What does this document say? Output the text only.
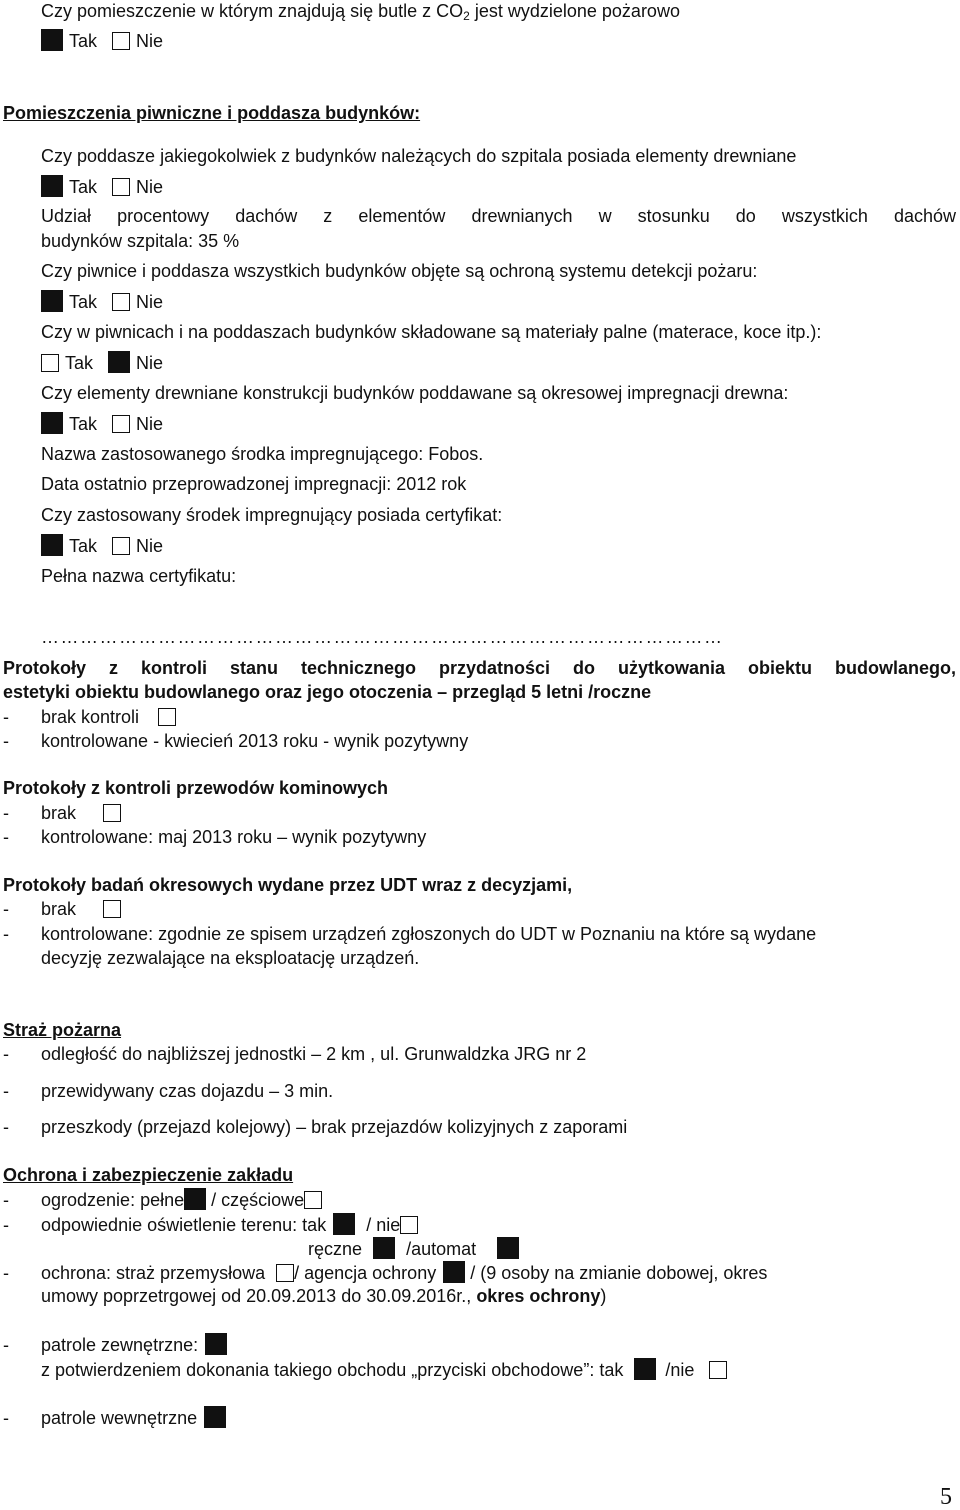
Czy pomieszczenie w którym znajdują się butle z $CO_2$ jest wydzielone pożarowo
Tak Nie
Pomieszczenia piwniczne i poddasza budynków:
Czy poddasze jakiegokolwiek z budynków należących do szpitala posiada elementy drewniane
Tak Nie
Udział procentowy dachów z elementów drewnianych w stosunku do wszystkich dachów
budynków szpitala: 35 %
Czy piwnice i poddasza wszystkich budynków objęte są ochroną systemu detekcji pożaru:
Tak Nie
Czy w piwnicach i na poddaszach budynków składowane są materiały palne (materace, koce itp.):
Tak Nie
Czy elementy drewniane konstrukcji budynków poddawane są okresowej impregnacji drewna:
Tak Nie
Nazwa zastosowanego środka impregnującego: Fobos.
Data ostatnio przeprowadzonej impregnacji: 2012 rok
Czy zastosowany środek impregnujący posiada certyfikat:
Tak Nie
Pełna nazwa certyfikatu:
……………………………………………………………………………………………
Protokoły z kontroli stanu technicznego przydatności do użytkowania obiektu budowlanego,
estetyki obiektu budowlanego oraz jego otoczenia – przegląd 5 letni /roczne
- brak kontroli
- kontrolowane - kwiecień 2013 roku - wynik pozytywny
Protokoły z kontroli przewodów kominowych
- brak
- kontrolowane: maj 2013 roku – wynik pozytywny
Protokoły badań okresowych wydane przez UDT wraz z decyzjami,
- brak
- kontrolowane: zgodnie ze spisem urządzeń zgłoszonych do UDT w Poznaniu na które są wydane
decyzję zezwalające na eksploatację urządzeń.
Straż pożarna
- odległość do najbliższej jednostki – 2 km , ul. Grunwaldzka JRG nr 2
- przewidywany czas dojazdu – 3 min.
- przeszkody (przejazd kolejowy) – brak przejazdów kolizyjnych z zaporami
Ochrona i zabezpieczenie zakładu
- ogrodzenie: pełne / częściowe
- odpowiednie oświetlenie terenu: tak  / nie
ręczne /automat
- ochrona: straż przemysłowa / agencja ochrony  / (9 osoby na zmianie dobowej, okres
umowy poprzetrgowej od 20.09.2013 do 30.09.2016r., okres ochrony)
- patrole zewnętrzne:
z potwierdzeniem dokonania takiego obchodu „przyciski obchodowe”: tak /nie
- patrole wewnętrzne
5
